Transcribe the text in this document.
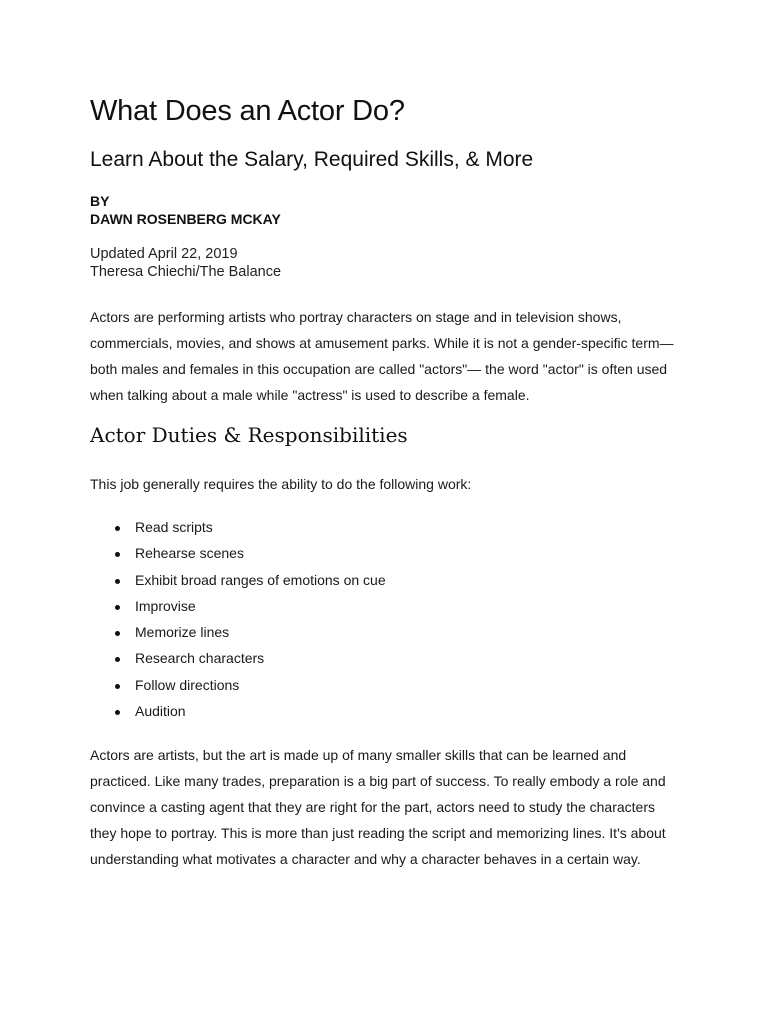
What Does an Actor Do?
Learn About the Salary, Required Skills, & More
BY
DAWN ROSENBERG MCKAY
Updated April 22, 2019
Theresa Chiechi/The Balance

Actors are performing artists who portray characters on stage and in television shows, commercials, movies, and shows at amusement parks. While it is not a gender-specific term—both males and females in this occupation are called "actors"— the word "actor" is often used when talking about a male while "actress" is used to describe a female.

Actor Duties & Responsibilities

This job generally requires the ability to do the following work:

Read scripts
Rehearse scenes
Exhibit broad ranges of emotions on cue
Improvise
Memorize lines
Research characters
Follow directions
Audition

Actors are artists, but the art is made up of many smaller skills that can be learned and practiced. Like many trades, preparation is a big part of success. To really embody a role and convince a casting agent that they are right for the part, actors need to study the characters they hope to portray. This is more than just reading the script and memorizing lines. It's about understanding what motivates a character and why a character behaves in a certain way.
